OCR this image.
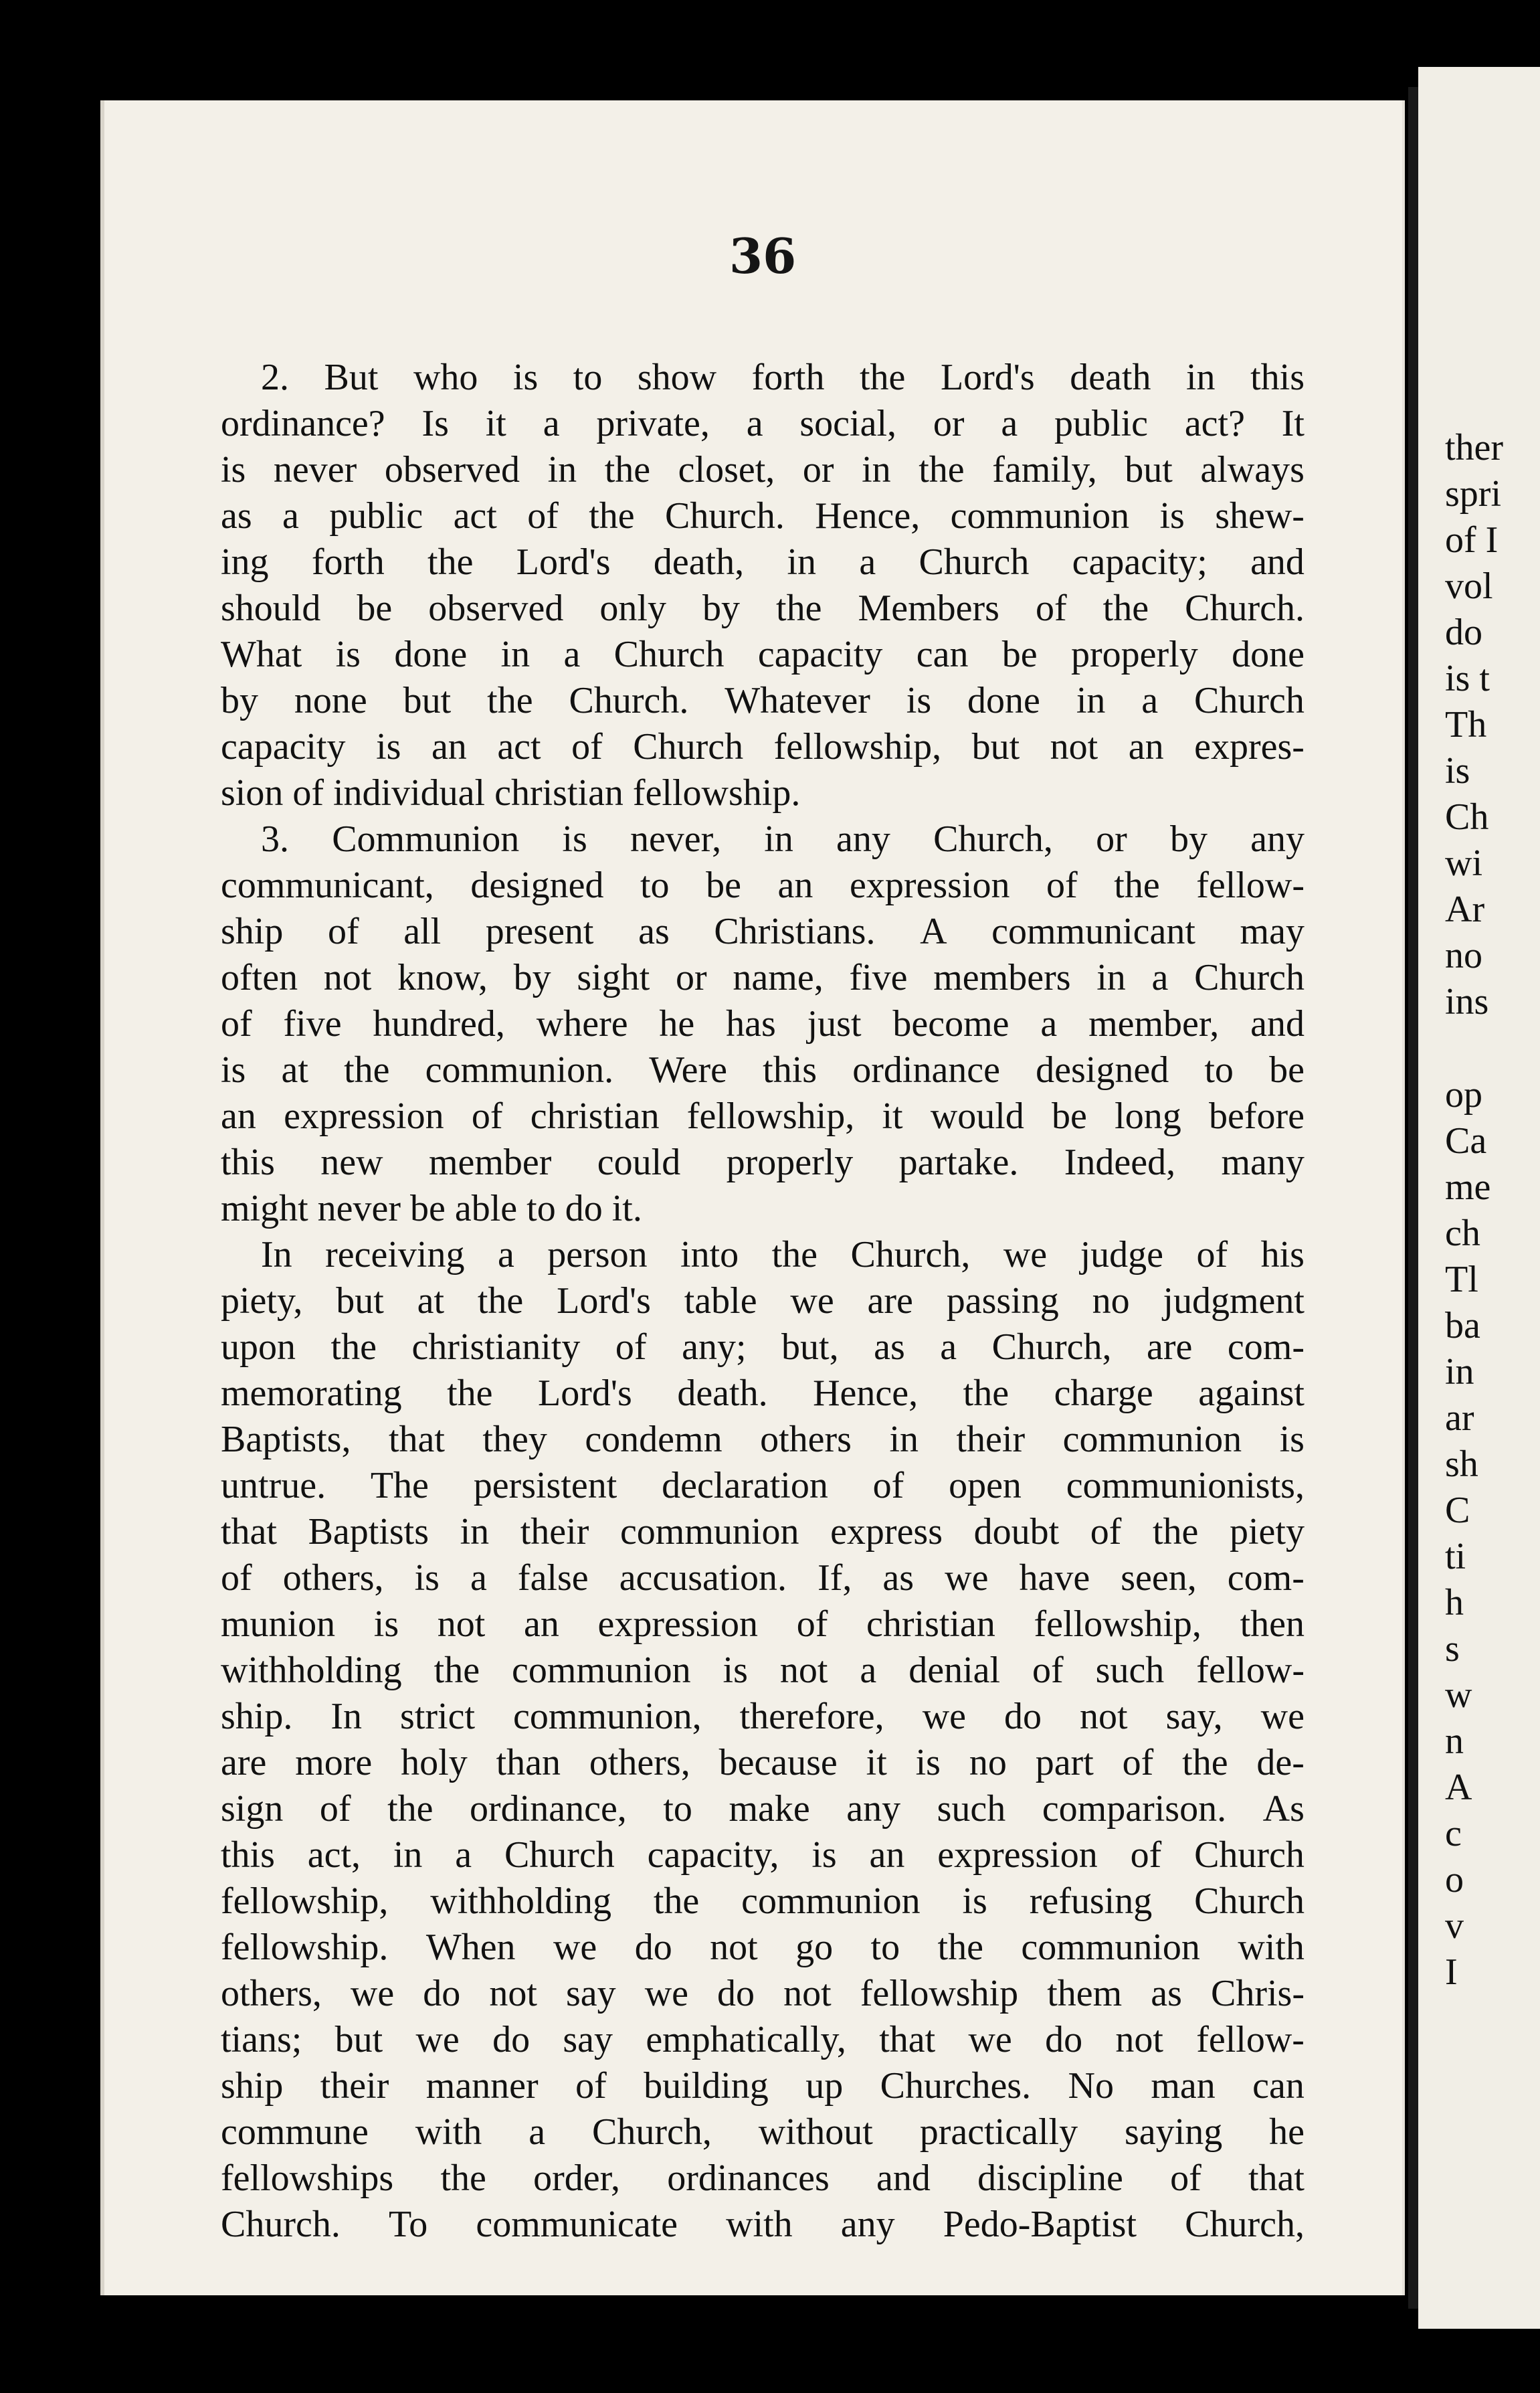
36
2. But who is to show forth the Lord's death in this
ordinance? Is it a private, a social, or a public act? It
is never observed in the closet, or in the family, but always
as a public act of the Church. Hence, communion is shew-
ing forth the Lord's death, in a Church capacity; and
should be observed only by the Members of the Church.
What is done in a Church capacity can be properly done
by none but the Church. Whatever is done in a Church
capacity is an act of Church fellowship, but not an expres-
sion of individual christian fellowship.
3. Communion is never, in any Church, or by any
communicant, designed to be an expression of the fellow-
ship of all present as Christians. A communicant may
often not know, by sight or name, five members in a Church
of five hundred, where he has just become a member, and
is at the communion. Were this ordinance designed to be
an expression of christian fellowship, it would be long before
this new member could properly partake. Indeed, many
might never be able to do it.
In receiving a person into the Church, we judge of his
piety, but at the Lord's table we are passing no judgment
upon the christianity of any; but, as a Church, are com-
memorating the Lord's death. Hence, the charge against
Baptists, that they condemn others in their communion is
untrue. The persistent declaration of open communionists,
that Baptists in their communion express doubt of the piety
of others, is a false accusation. If, as we have seen, com-
munion is not an expression of christian fellowship, then
withholding the communion is not a denial of such fellow-
ship. In strict communion, therefore, we do not say, we
are more holy than others, because it is no part of the de-
sign of the ordinance, to make any such comparison. As
this act, in a Church capacity, is an expression of Church
fellowship, withholding the communion is refusing Church
fellowship. When we do not go to the communion with
others, we do not say we do not fellowship them as Chris-
tians; but we do say emphatically, that we do not fellow-
ship their manner of building up Churches. No man can
commune with a Church, without practically saying he
fellowships the order, ordinances and discipline of that
Church. To communicate with any Pedo-Baptist Church,
ther
spri
of I
vol
do
is t
Th
is
Ch
wi
Ar
no
ins
op
Ca
me
ch
Tl
ba
in
ar
sh
C
ti
h
s
w
n
A
c
o
v
I
